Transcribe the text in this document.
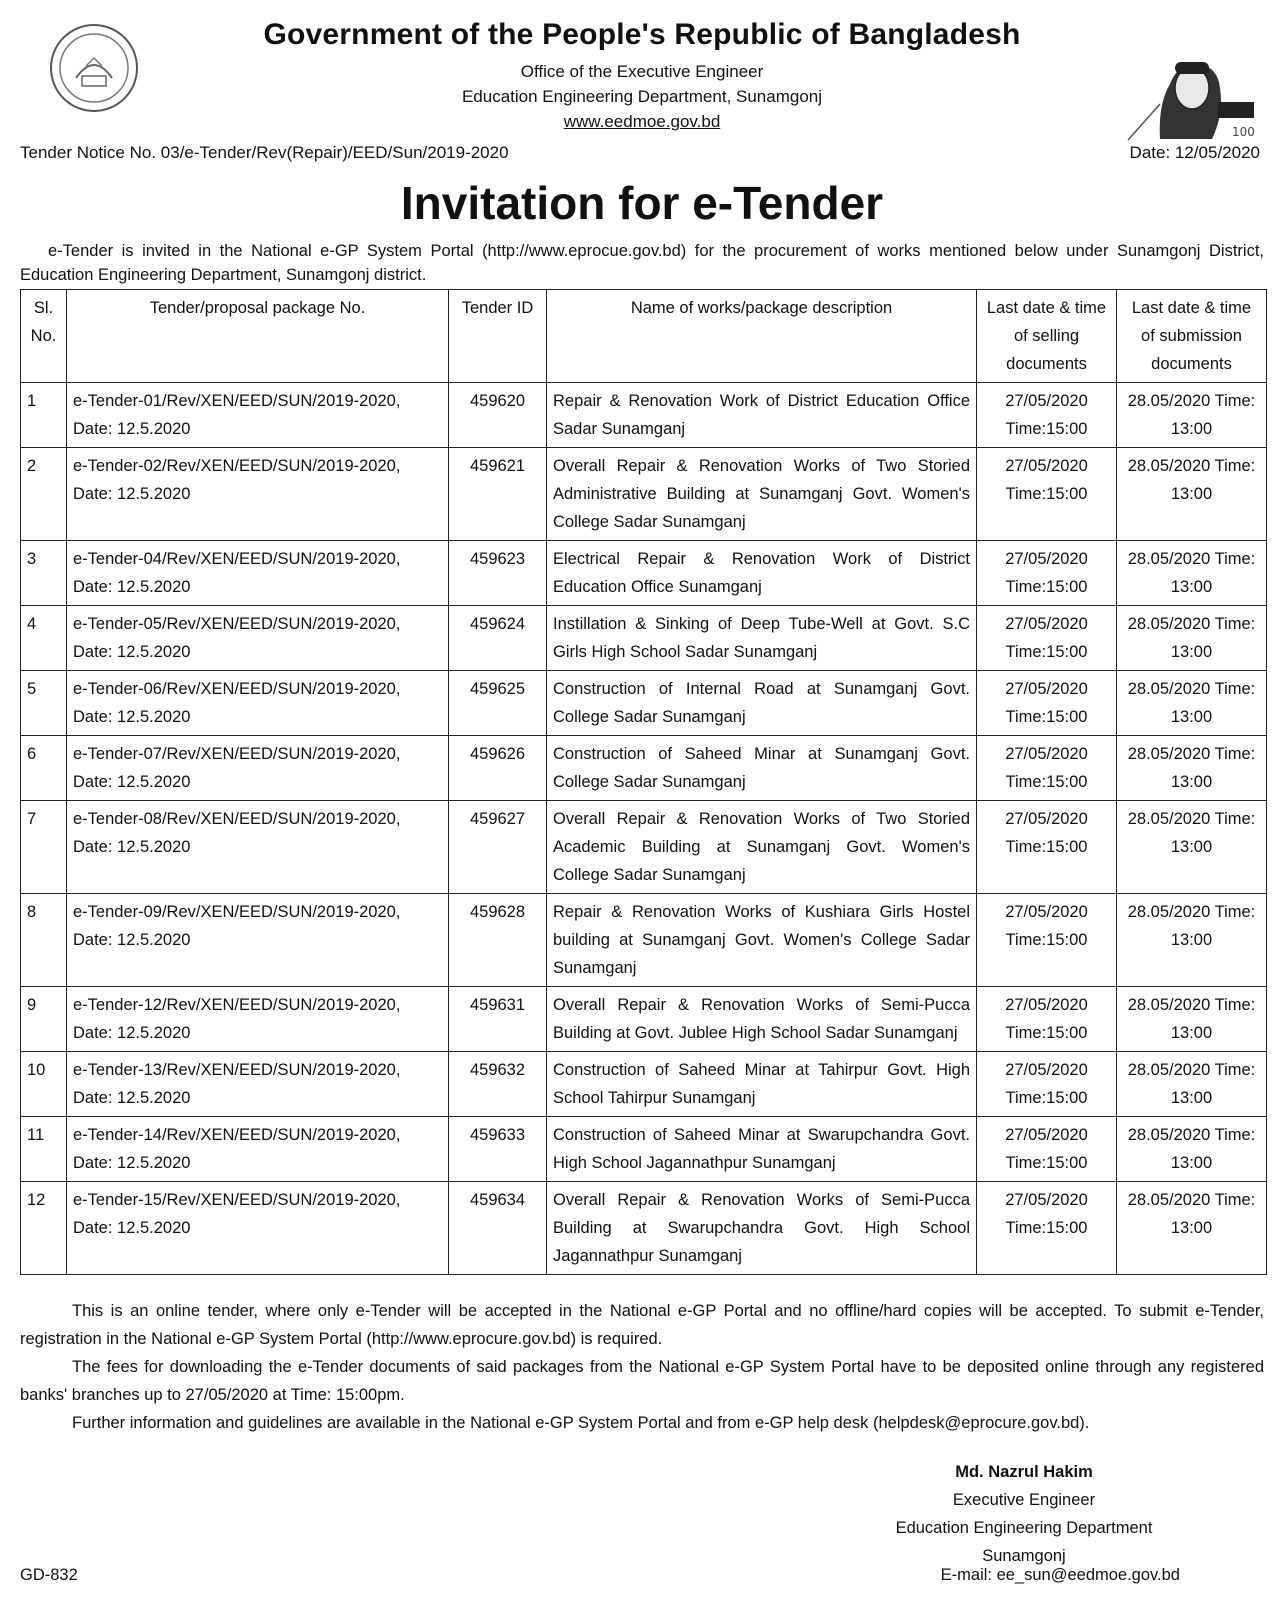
Government of the People's Republic of Bangladesh
Office of the Executive Engineer
Education Engineering Department, Sunamgonj
www.eedmoe.gov.bd
100
Tender Notice No. 03/e-Tender/Rev(Repair)/EED/Sun/2019-2020	Date: 12/05/2020
Invitation for e-Tender
e-Tender is invited in the National e-GP System Portal (http://www.eprocue.gov.bd) for the procurement of works mentioned below under Sunamgonj District, Education Engineering Department, Sunamgonj district.
Sl. No.	Tender/proposal package No.	Tender ID	Name of works/package description	Last date & time of selling documents	Last date & time of submission documents
1	e-Tender-01/Rev/XEN/EED/SUN/2019-2020, Date: 12.5.2020	459620	Repair & Renovation Work of District Education Office Sadar Sunamganj	27/05/2020 Time:15:00	28.05/2020 Time: 13:00
2	e-Tender-02/Rev/XEN/EED/SUN/2019-2020, Date: 12.5.2020	459621	Overall Repair & Renovation Works of Two Storied Administrative Building at Sunamganj Govt. Women's College Sadar Sunamganj	27/05/2020 Time:15:00	28.05/2020 Time: 13:00
3	e-Tender-04/Rev/XEN/EED/SUN/2019-2020, Date: 12.5.2020	459623	Electrical Repair & Renovation Work of District Education Office Sunamganj	27/05/2020 Time:15:00	28.05/2020 Time: 13:00
4	e-Tender-05/Rev/XEN/EED/SUN/2019-2020, Date: 12.5.2020	459624	Instillation & Sinking of Deep Tube-Well at Govt. S.C Girls High School Sadar Sunamganj	27/05/2020 Time:15:00	28.05/2020 Time: 13:00
5	e-Tender-06/Rev/XEN/EED/SUN/2019-2020, Date: 12.5.2020	459625	Construction of Internal Road at Sunamganj Govt. College Sadar Sunamganj	27/05/2020 Time:15:00	28.05/2020 Time: 13:00
6	e-Tender-07/Rev/XEN/EED/SUN/2019-2020, Date: 12.5.2020	459626	Construction of Saheed Minar at Sunamganj Govt. College Sadar Sunamganj	27/05/2020 Time:15:00	28.05/2020 Time: 13:00
7	e-Tender-08/Rev/XEN/EED/SUN/2019-2020, Date: 12.5.2020	459627	Overall Repair & Renovation Works of Two Storied Academic Building at Sunamganj Govt. Women's College Sadar Sunamganj	27/05/2020 Time:15:00	28.05/2020 Time: 13:00
8	e-Tender-09/Rev/XEN/EED/SUN/2019-2020, Date: 12.5.2020	459628	Repair & Renovation Works of Kushiara Girls Hostel building at Sunamganj Govt. Women's College Sadar Sunamganj	27/05/2020 Time:15:00	28.05/2020 Time: 13:00
9	e-Tender-12/Rev/XEN/EED/SUN/2019-2020, Date: 12.5.2020	459631	Overall Repair & Renovation Works of Semi-Pucca Building at Govt. Jublee High School Sadar Sunamganj	27/05/2020 Time:15:00	28.05/2020 Time: 13:00
10	e-Tender-13/Rev/XEN/EED/SUN/2019-2020, Date: 12.5.2020	459632	Construction of Saheed Minar at Tahirpur Govt. High School Tahirpur Sunamganj	27/05/2020 Time:15:00	28.05/2020 Time: 13:00
11	e-Tender-14/Rev/XEN/EED/SUN/2019-2020, Date: 12.5.2020	459633	Construction of Saheed Minar at Swarupchandra Govt. High School Jagannathpur Sunamganj	27/05/2020 Time:15:00	28.05/2020 Time: 13:00
12	e-Tender-15/Rev/XEN/EED/SUN/2019-2020, Date: 12.5.2020	459634	Overall Repair & Renovation Works of Semi-Pucca Building at Swarupchandra Govt. High School Jagannathpur Sunamganj	27/05/2020 Time:15:00	28.05/2020 Time: 13:00
This is an online tender, where only e-Tender will be accepted in the National e-GP Portal and no offline/hard copies will be accepted. To submit e-Tender, registration in the National e-GP System Portal (http://www.eprocure.gov.bd) is required.
The fees for downloading the e-Tender documents of said packages from the National e-GP System Portal have to be deposited online through any registered banks' branches up to 27/05/2020 at Time: 15:00pm.
Further information and guidelines are available in the National e-GP System Portal and from e-GP help desk (helpdesk@eprocure.gov.bd).
Md. Nazrul Hakim
Executive Engineer
Education Engineering Department
Sunamgonj
GD-832	E-mail: ee_sun@eedmoe.gov.bd
